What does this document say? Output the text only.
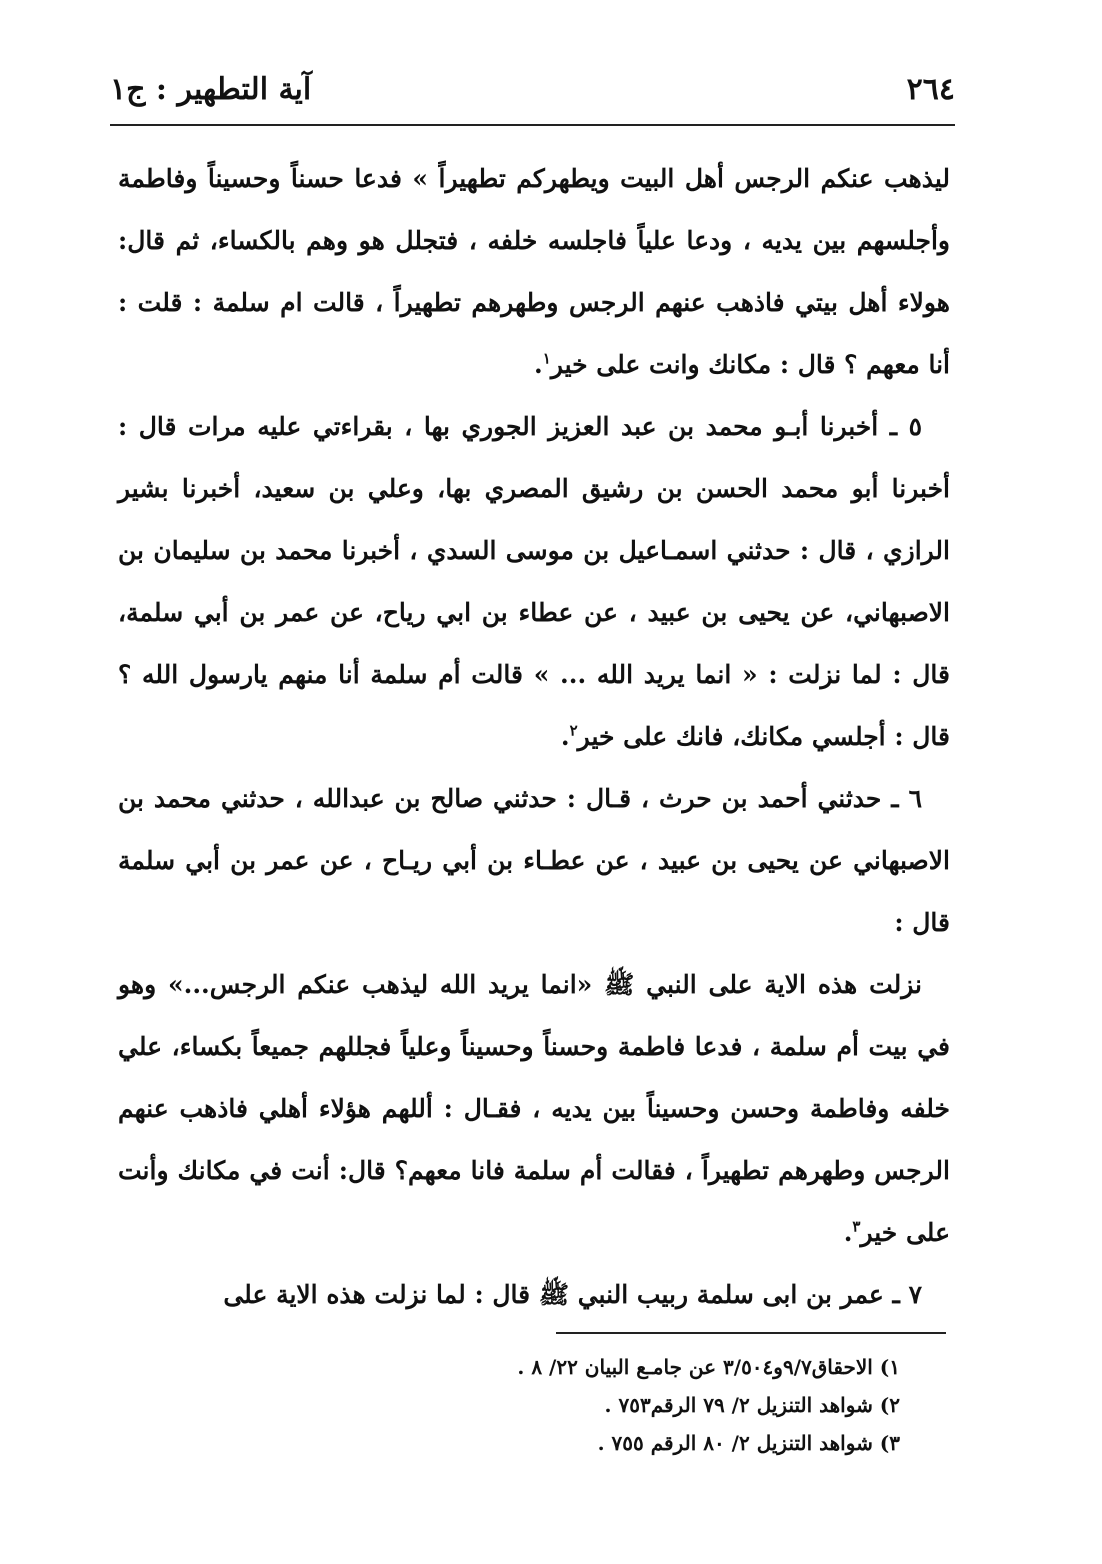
٢٦٤
آية التطهير : ج١

ليذهب عنكم الرجس أهل البيت ويطهركم تطهيراً » فدعا حسناً وحسيناً وفاطمة وأجلسهم بين يديه ، ودعا علياً فاجلسه خلفه ، فتجلل هو وهم بالكساء، ثم قال: هولاء أهل بيتي فاذهب عنهم الرجس وطهرهم تطهيراً ، قالت ام سلمة : قلت : أنا معهم ؟ قال : مكانك وانت على خير$^١$.

٥ ـ أخبرنا أبـو محمد بن عبد العزيز الجوري بها ، بقراءتي عليه مرات قال : أخبرنا أبو محمد الحسن بن رشيق المصري بها، وعلي بن سعيد، أخبرنا بشير الرازي ، قال : حدثني اسمـاعيل بن موسى السدي ، أخبرنا محمد بن سليمان بن الاصبهاني، عن يحيى بن عبيد ، عن عطاء بن ابي رياح، عن عمر بن أبي سلمة، قال : لما نزلت : « انما يريد الله ... » قالت أم سلمة أنا منهم يارسول الله ؟ قال : أجلسي مكانك، فانك على خير$^٢$.

٦ ـ حدثني أحمد بن حرث ، قـال : حدثني صالح بن عبدالله ، حدثني محمد بن الاصبهاني عن يحيى بن عبيد ، عن عطـاء بن أبي ريـاح ، عن عمر بن أبي سلمة قال :

نزلت هذه الاية على النبي ﷺ «انما يريد الله ليذهب عنكم الرجس...» وهو في بيت أم سلمة ، فدعا فاطمة وحسناً وحسيناً وعلياً فجللهم جميعاً بكساء، علي خلفه وفاطمة وحسن وحسيناً بين يديه ، فقـال : أللهم هؤلاء أهلي فاذهب عنهم الرجس وطهرهم تطهيراً ، فقالت أم سلمة فانا معهم؟ قال: أنت في مكانك وأنت على خير$^٣$.

٧ ـ عمر بن ابى سلمة ربيب النبي ﷺ قال : لما نزلت هذه الاية على

١) الاحقاق٩/٧و٣/٥٠٤ عن جامـع البيان ٢٢/ ٨ .
٢) شواهد التنزيل ٢/ ٧٩ الرقم٧٥٣ .
٣) شواهد التنزيل ٢/ ٨٠ الرقم ٧٥٥ .
